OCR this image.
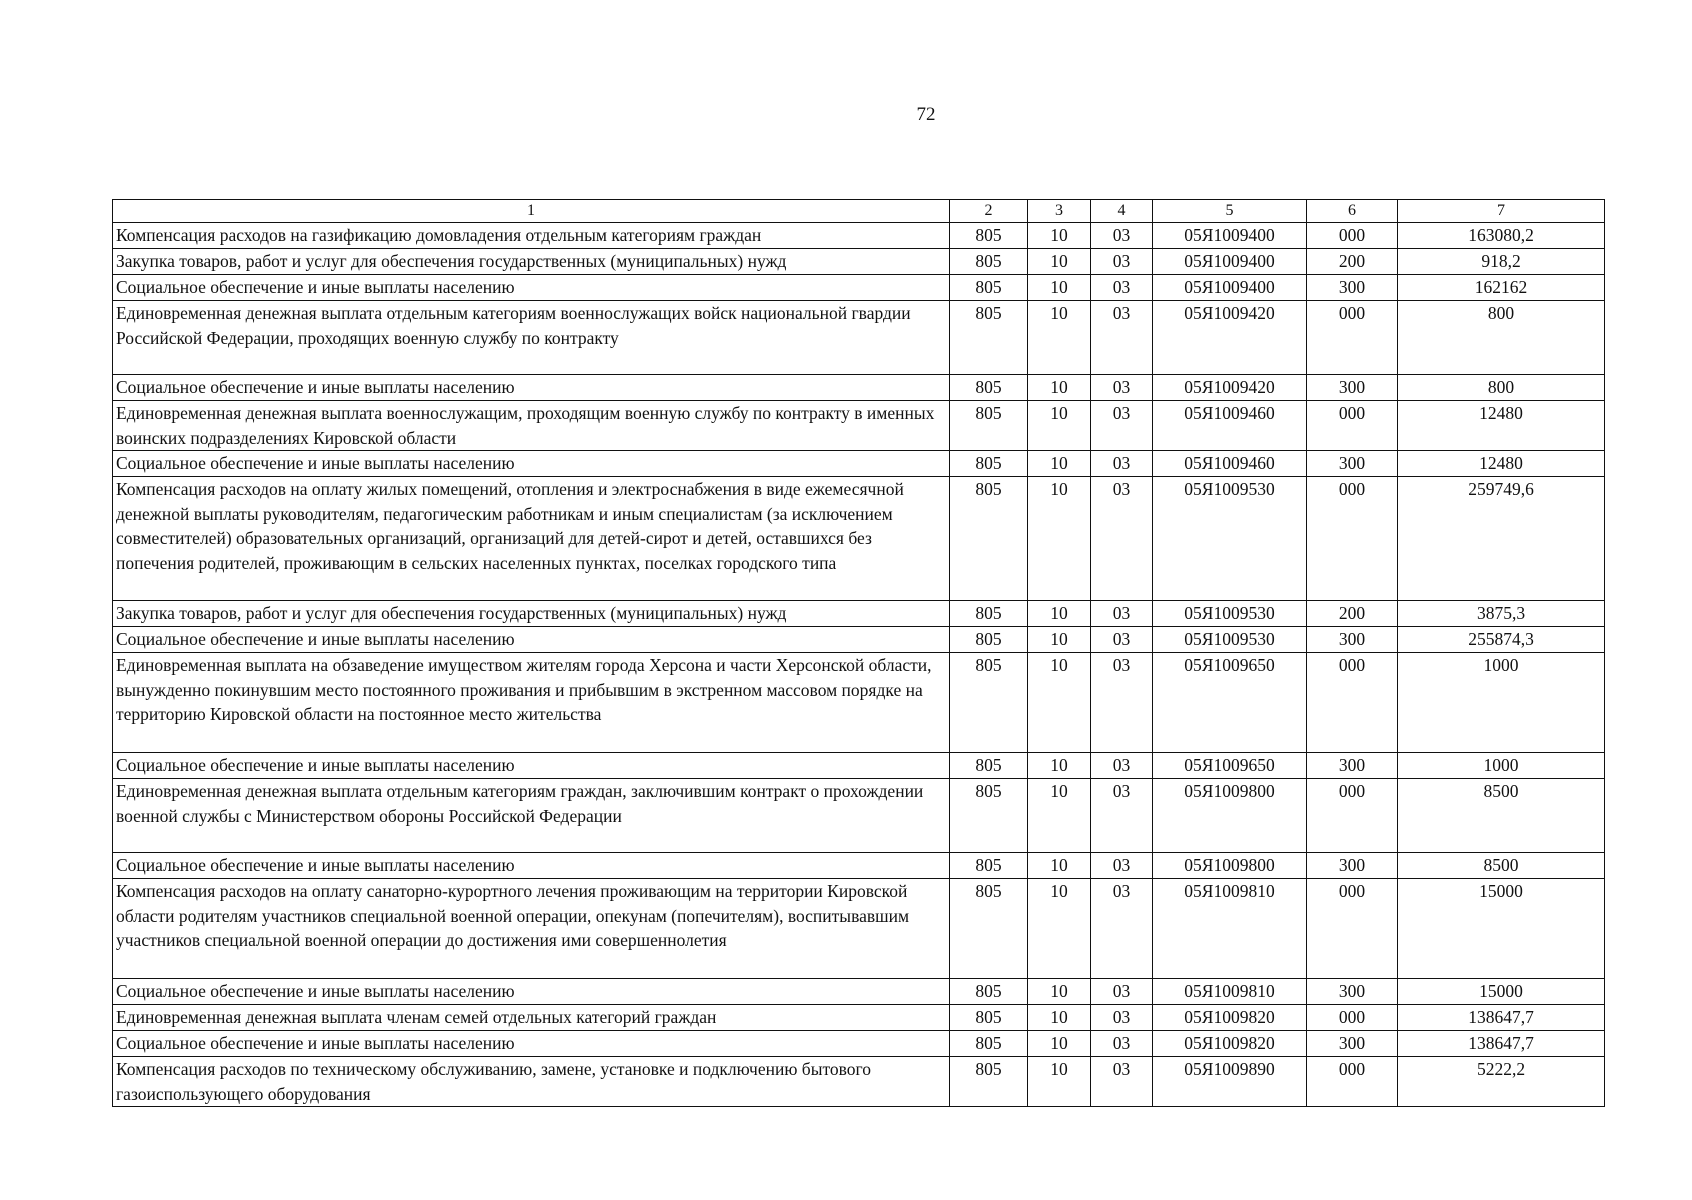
72
1	2	3	4	5	6	7
Компенсация расходов на газификацию домовладения отдельным категориям граждан	805	10	03	05Я1009400	000	163080,2
Закупка товаров, работ и услуг для обеспечения государственных (муниципальных) нужд	805	10	03	05Я1009400	200	918,2
Социальное обеспечение и иные выплаты населению	805	10	03	05Я1009400	300	162162
Единовременная денежная выплата отдельным категориям военнослужащих войск национальной гвардии Российской Федерации, проходящих военную службу по контракту	805	10	03	05Я1009420	000	800
Социальное обеспечение и иные выплаты населению	805	10	03	05Я1009420	300	800
Единовременная денежная выплата военнослужащим, проходящим военную службу по контракту в именных воинских подразделениях Кировской области	805	10	03	05Я1009460	000	12480
Социальное обеспечение и иные выплаты населению	805	10	03	05Я1009460	300	12480
Компенсация расходов на оплату жилых помещений, отопления и электроснабжения в виде ежемесячной денежной выплаты руководителям, педагогическим работникам и иным специалистам (за исключением совместителей) образовательных организаций, организаций для детей-сирот и детей, оставшихся без попечения родителей, проживающим в сельских населенных пунктах, поселках городского типа	805	10	03	05Я1009530	000	259749,6
Закупка товаров, работ и услуг для обеспечения государственных (муниципальных) нужд	805	10	03	05Я1009530	200	3875,3
Социальное обеспечение и иные выплаты населению	805	10	03	05Я1009530	300	255874,3
Единовременная выплата на обзаведение имуществом жителям города Херсона и части Херсонской области, вынужденно покинувшим место постоянного проживания и прибывшим в экстренном массовом порядке на территорию Кировской области на постоянное место жительства	805	10	03	05Я1009650	000	1000
Социальное обеспечение и иные выплаты населению	805	10	03	05Я1009650	300	1000
Единовременная денежная выплата отдельным категориям граждан, заключившим контракт о прохождении военной службы с Министерством обороны Российской Федерации	805	10	03	05Я1009800	000	8500
Социальное обеспечение и иные выплаты населению	805	10	03	05Я1009800	300	8500
Компенсация расходов на оплату санаторно-курортного лечения проживающим на территории Кировской области родителям участников специальной военной операции, опекунам (попечителям), воспитывавшим участников специальной военной операции до достижения ими совершеннолетия	805	10	03	05Я1009810	000	15000
Социальное обеспечение и иные выплаты населению	805	10	03	05Я1009810	300	15000
Единовременная денежная выплата членам семей отдельных категорий граждан	805	10	03	05Я1009820	000	138647,7
Социальное обеспечение и иные выплаты населению	805	10	03	05Я1009820	300	138647,7
Компенсация расходов по техническому обслуживанию, замене, установке и подключению бытового газоиспользующего оборудования	805	10	03	05Я1009890	000	5222,2
